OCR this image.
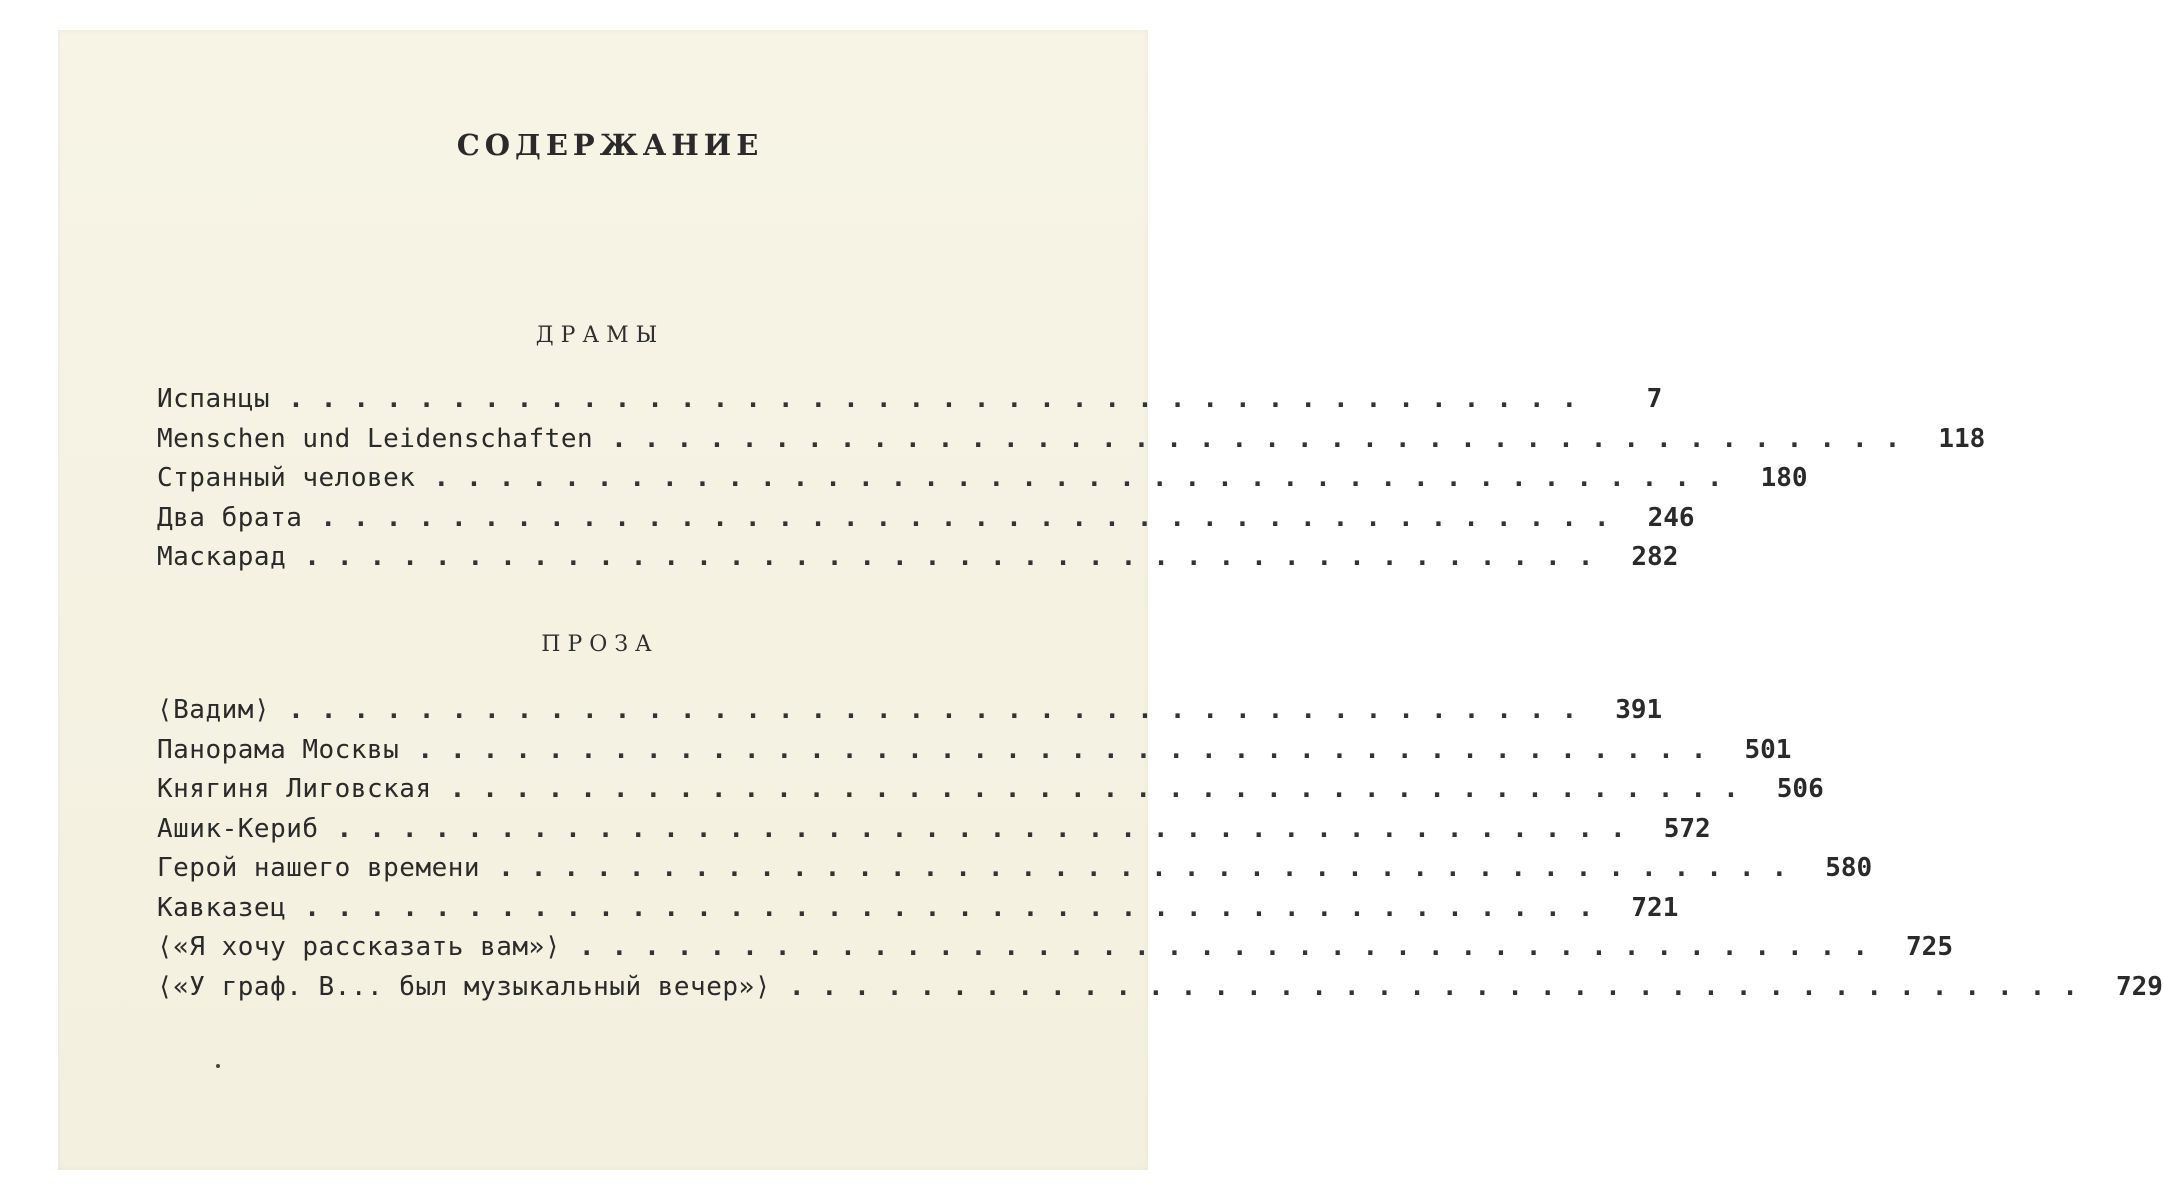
СОДЕРЖАНИЕ
ДРАМЫ
Испанцы ........................................	7
Menschen und Leidenschaften ........................................ 118
Странный человек ........................................ 180
Два брата ........................................ 246
Маскарад ........................................ 282
ПРОЗА
⟨Вадим⟩ ........................................ 391
Панорама Москвы ........................................ 501
Княгиня Лиговская ........................................ 506
Ашик-Кериб ........................................ 572
Герой нашего времени ........................................ 580
Кавказец ........................................ 721
⟨«Я хочу рассказать вам»⟩ ........................................ 725
⟨«У граф. В... был музыкальный вечер»⟩ ........................................ 729
